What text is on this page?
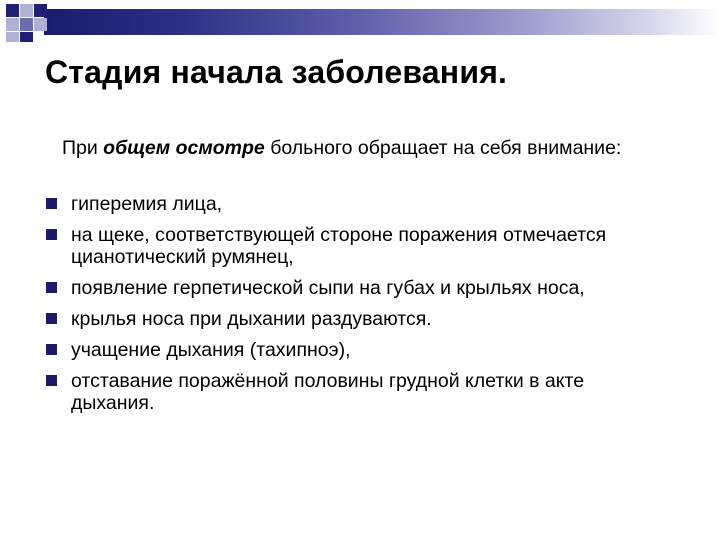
Стадия начала заболевания.

При общем осмотре больного обращает на себя внимание:

гиперемия лица,
на щеке, соответствующей стороне поражения отмечается цианотический румянец,
появление герпетической сыпи на губах и крыльях носа,
крылья носа при дыхании раздуваются.
учащение дыхания (тахипноэ),
отставание поражённой половины грудной клетки в акте дыхания.
